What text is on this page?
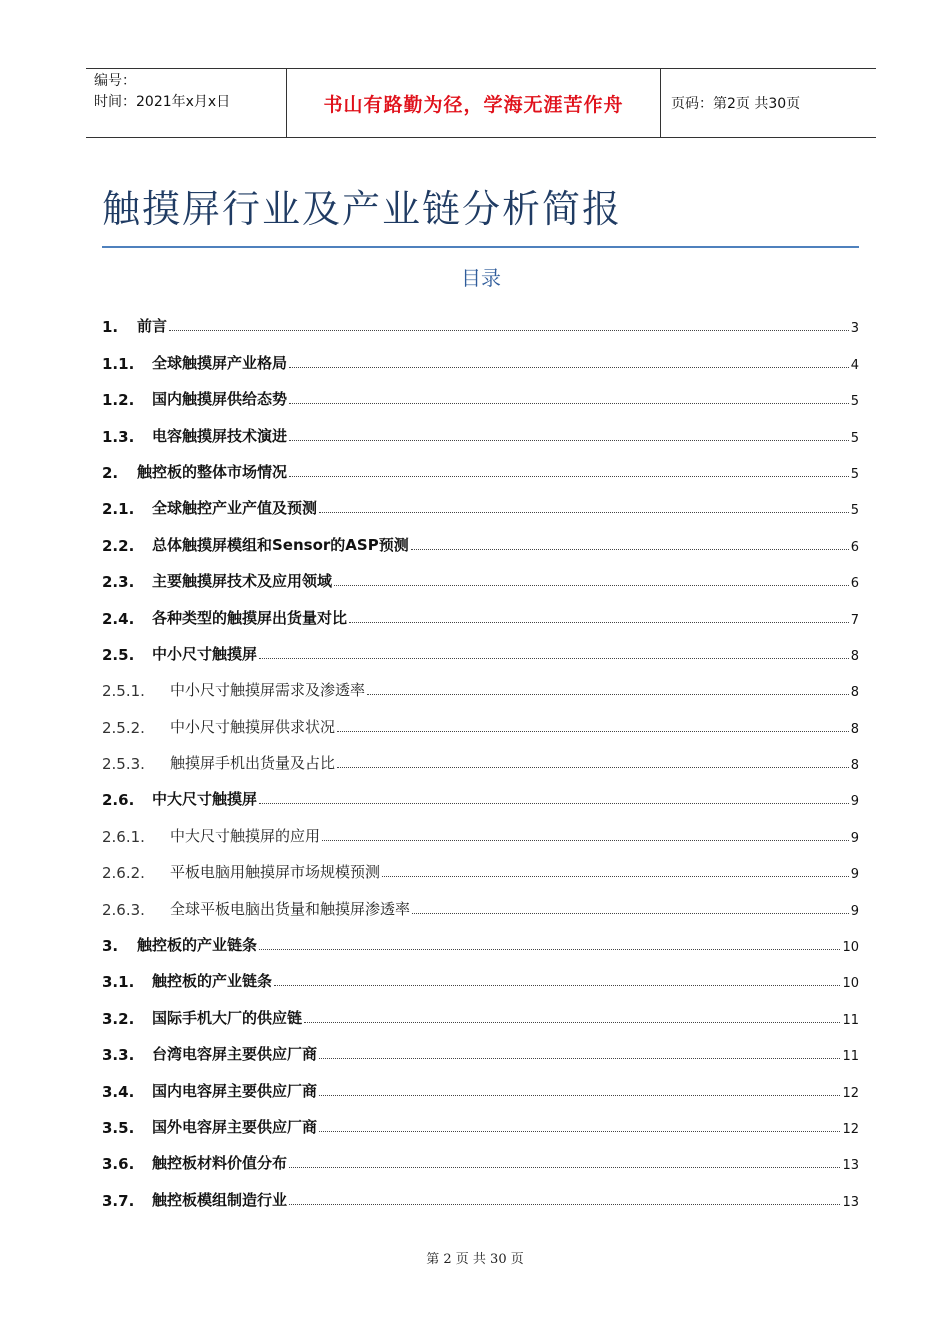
编号：
时间：2021年x月x日	书山有路勤为径，学海无涯苦作舟	页码：第2页 共30页
触摸屏行业及产业链分析简报
目录
1.	前言	3
1.1.	全球触摸屏产业格局	4
1.2.	国内触摸屏供给态势	5
1.3.	电容触摸屏技术演进	5
2.	触控板的整体市场情况	5
2.1.	全球触控产业产值及预测	5
2.2.	总体触摸屏模组和Sensor的ASP预测	6
2.3.	主要触摸屏技术及应用领域	6
2.4.	各种类型的触摸屏出货量对比	7
2.5.	中小尺寸触摸屏	8
2.5.1.	中小尺寸触摸屏需求及渗透率	8
2.5.2.	中小尺寸触摸屏供求状况	8
2.5.3.	触摸屏手机出货量及占比	8
2.6.	中大尺寸触摸屏	9
2.6.1.	中大尺寸触摸屏的应用	9
2.6.2.	平板电脑用触摸屏市场规模预测	9
2.6.3.	全球平板电脑出货量和触摸屏渗透率	9
3.	触控板的产业链条	10
3.1.	触控板的产业链条	10
3.2.	国际手机大厂的供应链	11
3.3.	台湾电容屏主要供应厂商	11
3.4.	国内电容屏主要供应厂商	12
3.5.	国外电容屏主要供应厂商	12
3.6.	触控板材料价值分布	13
3.7.	触控板模组制造行业	13
第 2 页 共 30 页
